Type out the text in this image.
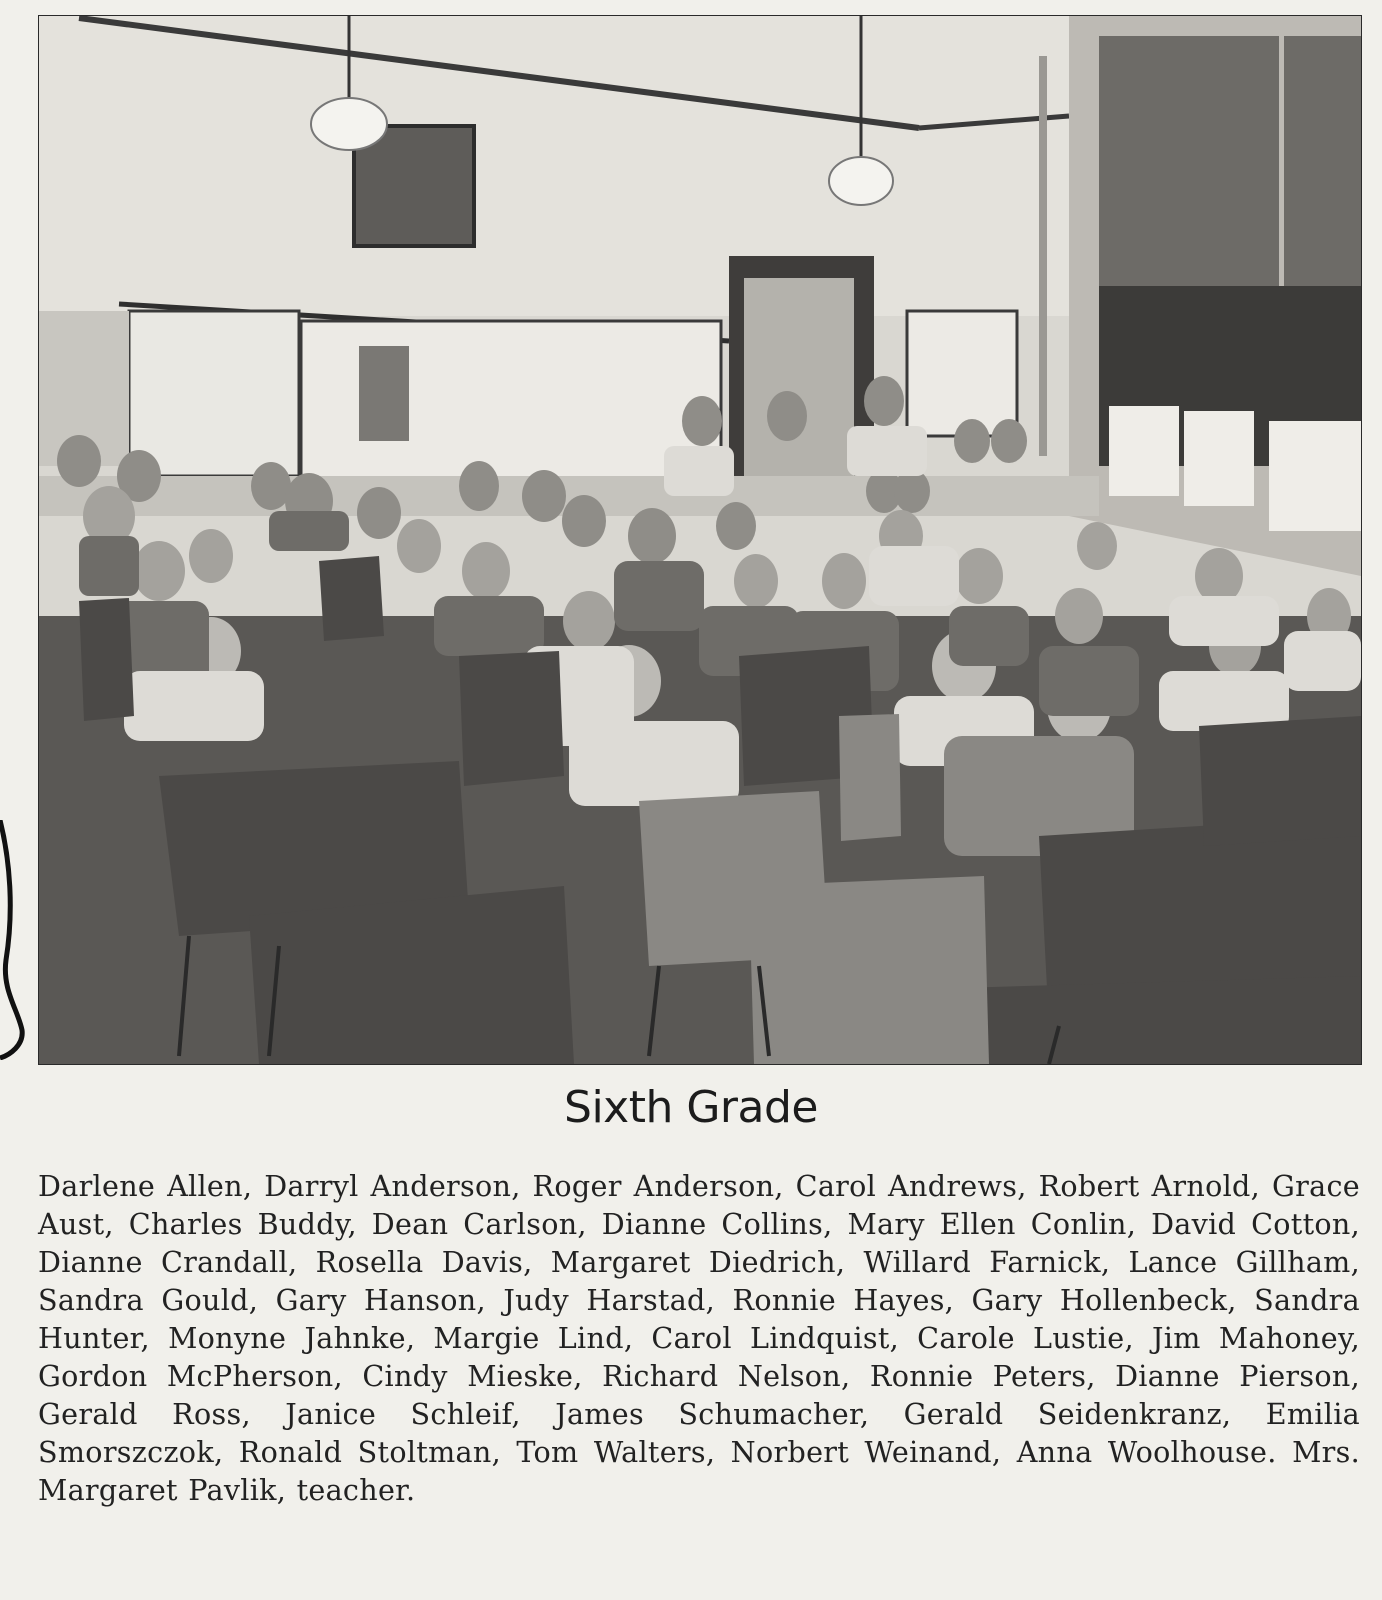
Sixth Grade

Darlene Allen, Darryl Anderson, Roger Anderson, Carol Andrews, Robert Arnold, Grace Aust, Charles Buddy, Dean Carlson, Dianne Collins, Mary Ellen Conlin, David Cotton, Dianne Crandall, Rosella Davis, Margaret Diedrich, Willard Farnick, Lance Gillham, Sandra Gould, Gary Hanson, Judy Harstad, Ronnie Hayes, Gary Hollenbeck, Sandra Hunter, Monyne Jahnke, Margie Lind, Carol Lindquist, Carole Lustie, Jim Mahoney, Gordon McPherson, Cindy Mieske, Richard Nelson, Ronnie Peters, Dianne Pierson, Gerald Ross, Janice Schleif, James Schumacher, Gerald Seidenkranz, Emilia Smorszczok, Ronald Stoltman, Tom Walters, Norbert Weinand, Anna Woolhouse. Mrs. Margaret Pavlik, teacher.
